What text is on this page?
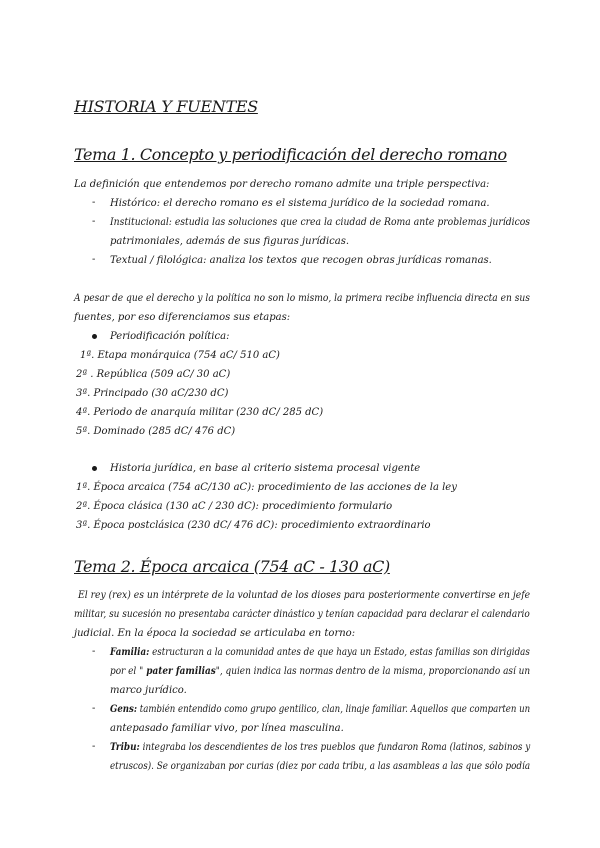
HISTORIA Y FUENTES
Tema 1. Concepto y periodificación del derecho romano
La definición que entendemos por derecho romano admite una triple perspectiva:
- Histórico: el derecho romano es el sistema jurídico de la sociedad romana.
- Institucional: estudia las soluciones que crea la ciudad de Roma ante problemas jurídicos
patrimoniales, además de sus figuras jurídicas.
- Textual / filológica: analiza los textos que recogen obras jurídicas romanas.
A pesar de que el derecho y la política no son lo mismo, la primera recibe influencia directa en sus
fuentes, por eso diferenciamos sus etapas:
Periodificación política:
1ª. Etapa monárquica (754 aC/ 510 aC)
2ª . República (509 aC/ 30 aC)
3ª. Principado (30 aC/230 dC)
4ª. Periodo de anarquía militar (230 dC/ 285 dC)
5ª. Dominado (285 dC/ 476 dC)
Historia jurídica, en base al criterio sistema procesal vigente
1ª. Época arcaica (754 aC/130 aC): procedimiento de las acciones de la ley
2ª. Época clásica (130 aC / 230 dC): procedimiento formulario
3ª. Época postclásica (230 dC/ 476 dC): procedimiento extraordinario
Tema 2. Época arcaica (754 aC - 130 aC)
El rey (rex) es un intérprete de la voluntad de los dioses para posteriormente convertirse en jefe
militar, su sucesión no presentaba carácter dinástico y tenían capacidad para declarar el calendario
judicial. En la época la sociedad se articulaba en torno:
- Familia: estructuran a la comunidad antes de que haya un Estado, estas familias son dirigidas
por el " pater familias", quien indica las normas dentro de la misma, proporcionando así un
marco jurídico.
- Gens: también entendido como grupo gentilico, clan, linaje familiar. Aquellos que comparten un
antepasado familiar vivo, por línea masculina.
- Tribu: integraba los descendientes de los tres pueblos que fundaron Roma (latinos, sabinos y
etruscos). Se organizaban por curias (diez por cada tribu, a las asambleas a las que sólo podía
